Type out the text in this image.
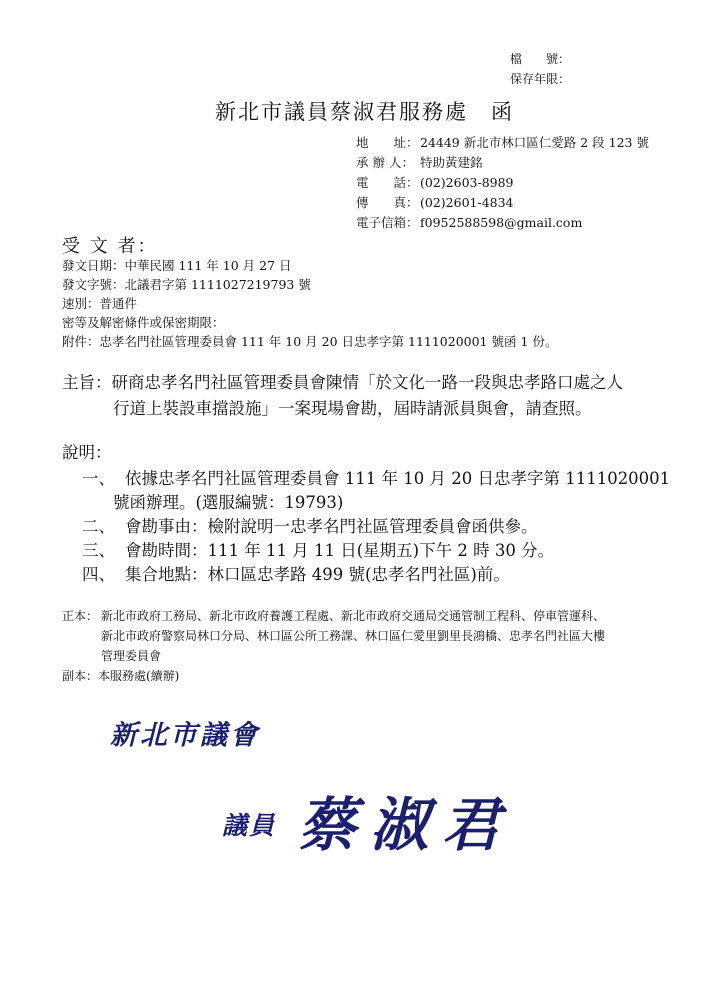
檔　　號：
保存年限：
新北市議員蔡淑君服務處　函
地　　址： 24449 新北市林口區仁愛路 2 段 123 號
承 辦 人： 特助黃建銘
電　　話： (02)2603-8989
傳　　真： (02)2601-4834
電子信箱： f0952588598@gmail.com
受 文 者：
發文日期：中華民國 111 年 10 月 27 日
發文字號：北議君字第 1111027219793 號
速別：普通件
密等及解密條件或保密期限：
附件：忠孝名門社區管理委員會 111 年 10 月 20 日忠孝字第 1111020001 號函 1 份。
主旨：研商忠孝名門社區管理委員會陳情「於文化一路一段與忠孝路口處之人
行道上裝設車擋設施」一案現場會勘，屆時請派員與會，請查照。
說明：
一、 依據忠孝名門社區管理委員會 111 年 10 月 20 日忠孝字第 1111020001
號函辦理。(選服編號：19793)
二、 會勘事由：檢附說明一忠孝名門社區管理委員會函供參。
三、 會勘時間：111 年 11 月 11 日(星期五)下午 2 時 30 分。
四、 集合地點：林口區忠孝路 499 號(忠孝名門社區)前。
正本： 新北市政府工務局、新北市政府養護工程處、新北市政府交通局交通管制工程科、停車管運科、
新北市政府警察局林口分局、林口區公所工務課、林口區仁愛里劉里長鴻橋、忠孝名門社區大樓
管理委員會
副本：本服務處(續辦)
新北市議會
議員 蔡淑君
